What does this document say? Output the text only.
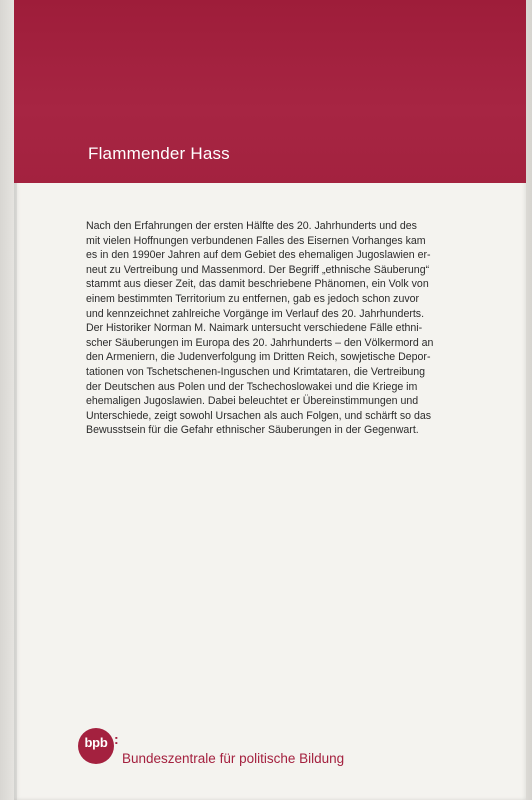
Flammender Hass

Nach den Erfahrungen der ersten Hälfte des 20. Jahrhunderts und des
mit vielen Hoffnungen verbundenen Falles des Eisernen Vorhanges kam
es in den 1990er Jahren auf dem Gebiet des ehemaligen Jugoslawien er-
neut zu Vertreibung und Massenmord. Der Begriff „ethnische Säuberung“
stammt aus dieser Zeit, das damit beschriebene Phänomen, ein Volk von
einem bestimmten Territorium zu entfernen, gab es jedoch schon zuvor
und kennzeichnet zahlreiche Vorgänge im Verlauf des 20. Jahrhunderts.
Der Historiker Norman M. Naimark untersucht verschiedene Fälle ethni-
scher Säuberungen im Europa des 20. Jahrhunderts – den Völkermord an
den Armeniern, die Judenverfolgung im Dritten Reich, sowjetische Depor-
tationen von Tschetschenen-Inguschen und Krimtataren, die Vertreibung
der Deutschen aus Polen und der Tschechoslowakei und die Kriege im
ehemaligen Jugoslawien. Dabei beleuchtet er Übereinstimmungen und
Unterschiede, zeigt sowohl Ursachen als auch Folgen, und schärft so das
Bewusstsein für die Gefahr ethnischer Säuberungen in der Gegenwart.

bpb :
Bundeszentrale für politische Bildung
